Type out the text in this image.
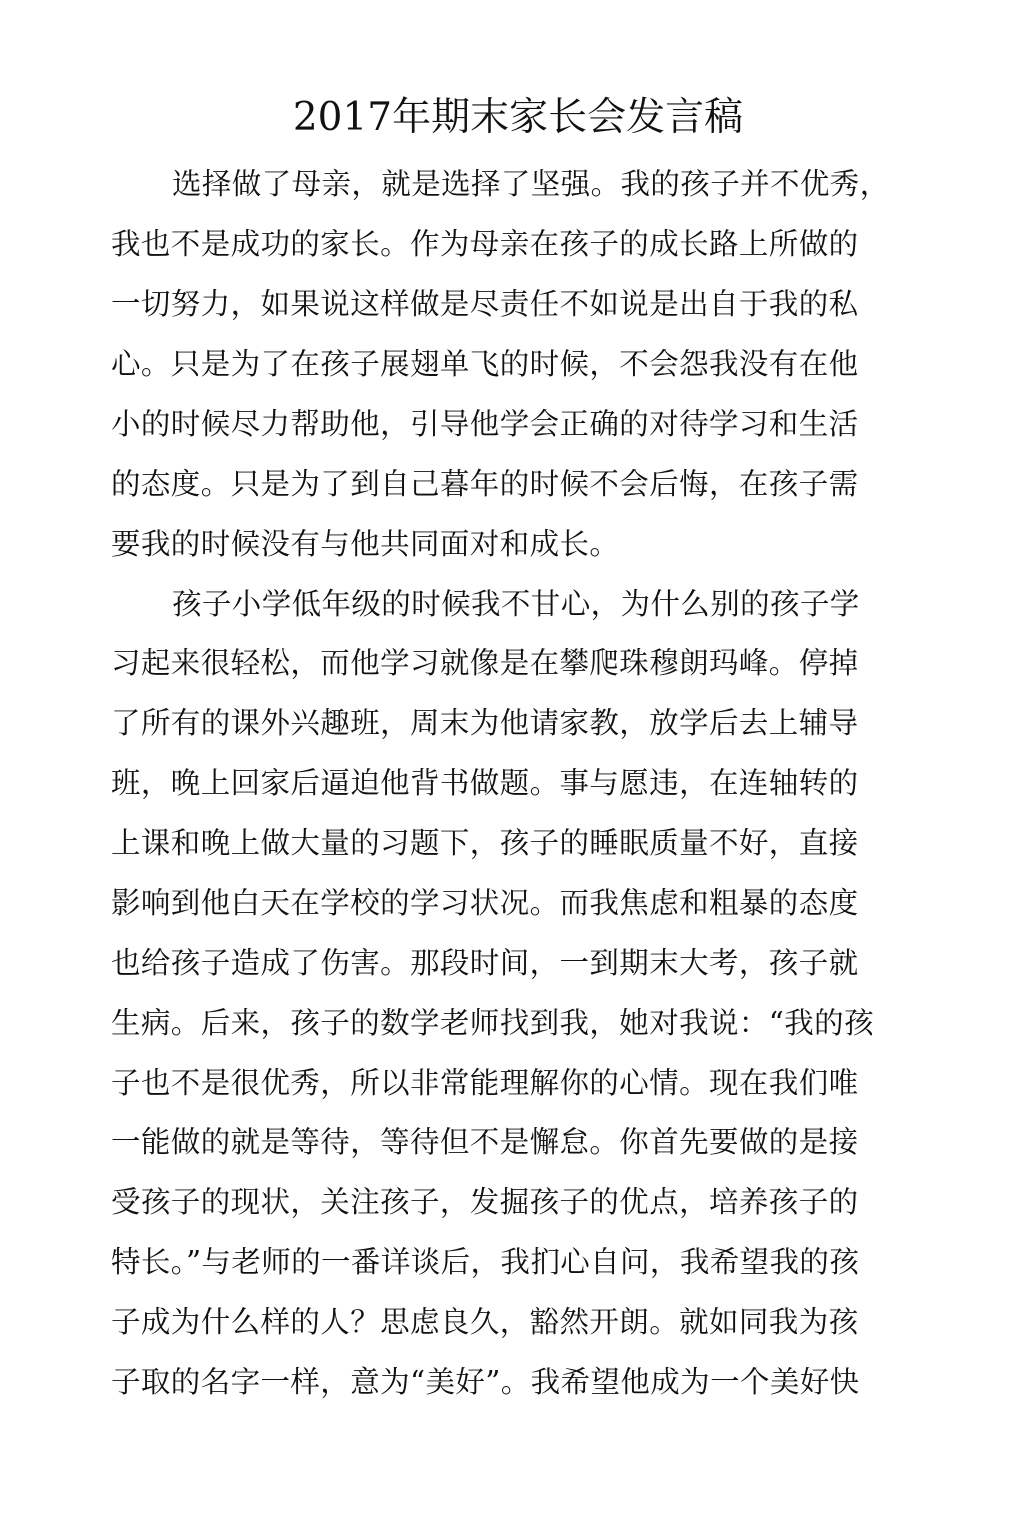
2017年期末家长会发言稿
选择做了母亲，就是选择了坚强。我的孩子并不优秀，
我也不是成功的家长。作为母亲在孩子的成长路上所做的
一切努力，如果说这样做是尽责任不如说是出自于我的私
心。只是为了在孩子展翅单飞的时候，不会怨我没有在他
小的时候尽力帮助他，引导他学会正确的对待学习和生活
的态度。只是为了到自己暮年的时候不会后悔，在孩子需
要我的时候没有与他共同面对和成长。
孩子小学低年级的时候我不甘心，为什么别的孩子学
习起来很轻松，而他学习就像是在攀爬珠穆朗玛峰。停掉
了所有的课外兴趣班，周末为他请家教，放学后去上辅导
班，晚上回家后逼迫他背书做题。事与愿违，在连轴转的
上课和晚上做大量的习题下，孩子的睡眠质量不好，直接
影响到他白天在学校的学习状况。而我焦虑和粗暴的态度
也给孩子造成了伤害。那段时间，一到期末大考，孩子就
生病。后来，孩子的数学老师找到我，她对我说：“我的孩
子也不是很优秀，所以非常能理解你的心情。现在我们唯
一能做的就是等待，等待但不是懈怠。你首先要做的是接
受孩子的现状，关注孩子，发掘孩子的优点，培养孩子的
特长。”与老师的一番详谈后，我扪心自问，我希望我的孩
子成为什么样的人？思虑良久，豁然开朗。就如同我为孩
子取的名字一样，意为“美好”。我希望他成为一个美好快
